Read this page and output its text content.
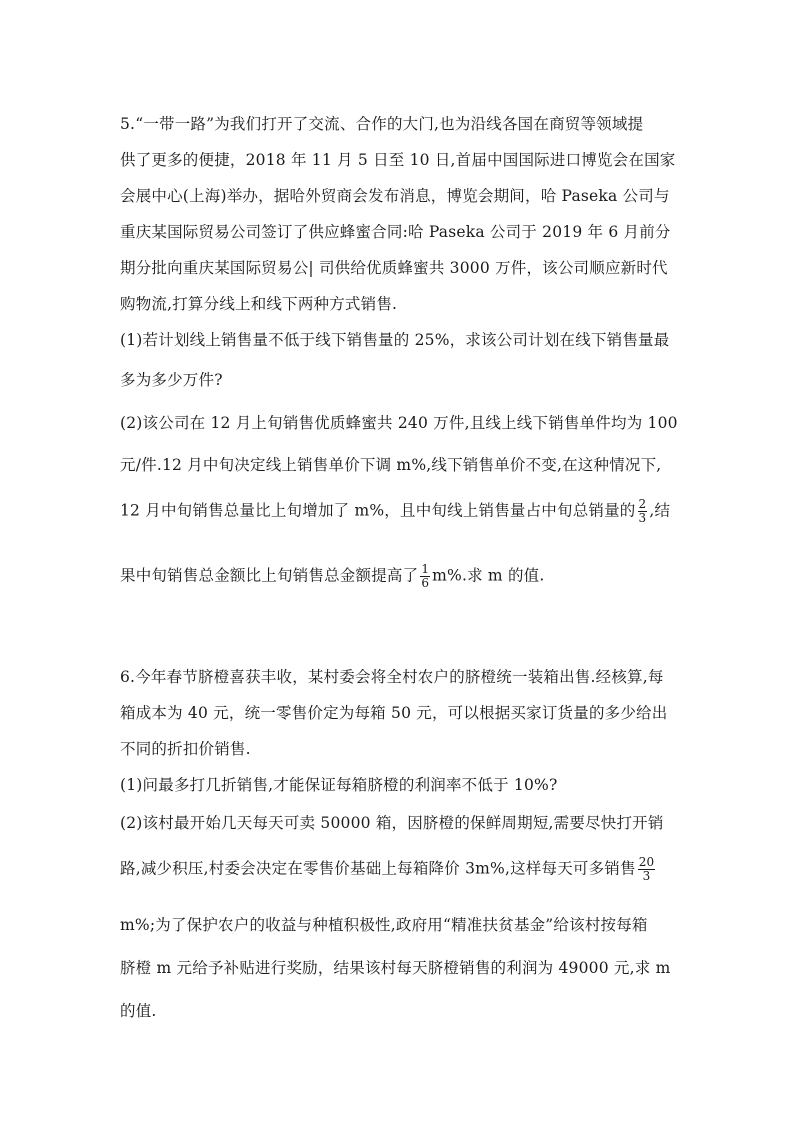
5.“一带一路”为我们打开了交流、合作的大门,也为沿线各国在商贸等领域提
供了更多的便捷，2018 年 11 月 5 日至 10 日,首届中国国际进口博览会在国家
会展中心(上海)举办，据哈外贸商会发布消息，博览会期间，哈 Paseka 公司与
重庆某国际贸易公司签订了供应蜂蜜合同:哈 Paseka 公司于 2019 年 6 月前分
期分批向重庆某国际贸易公| 司供给优质蜂蜜共 3000 万件，该公司顺应新时代
购物流,打算分线上和线下两种方式销售.
(1)若计划线上销售量不低于线下销售量的 25%，求该公司计划在线下销售量最
多为多少万件?
(2)该公司在 12 月上旬销售优质蜂蜜共 240 万件,且线上线下销售单件均为 100
元/件.12 月中旬决定线上销售单价下调 m%,线下销售单价不变,在这种情况下,
12 月中旬销售总量比上旬增加了 m%，且中旬线上销售量占中旬总销量的 $\frac{2}{3}$ ,结
果中旬销售总金额比上旬销售总金额提高了 $\frac{1}{6} m\%$.求 m 的值.
6.今年春节脐橙喜获丰收，某村委会将全村农户的脐橙统一装箱出售.经核算,每
箱成本为 40 元，统一零售价定为每箱 50 元，可以根据买家订货量的多少给出
不同的折扣价销售.
(1)问最多打几折销售,才能保证每箱脐橙的利润率不低于 10%?
(2)该村最开始几天每天可卖 50000 箱，因脐橙的保鲜周期短,需要尽快打开销
路,减少积压,村委会决定在零售价基础上每箱降价 3m%,这样每天可多销售 $\frac{20}{3}$
m%;为了保护农户的收益与种植积极性,政府用“精准扶贫基金”给该村按每箱
脐橙 m 元给予补贴进行奖励，结果该村每天脐橙销售的利润为 49000 元,求 m
的值.
